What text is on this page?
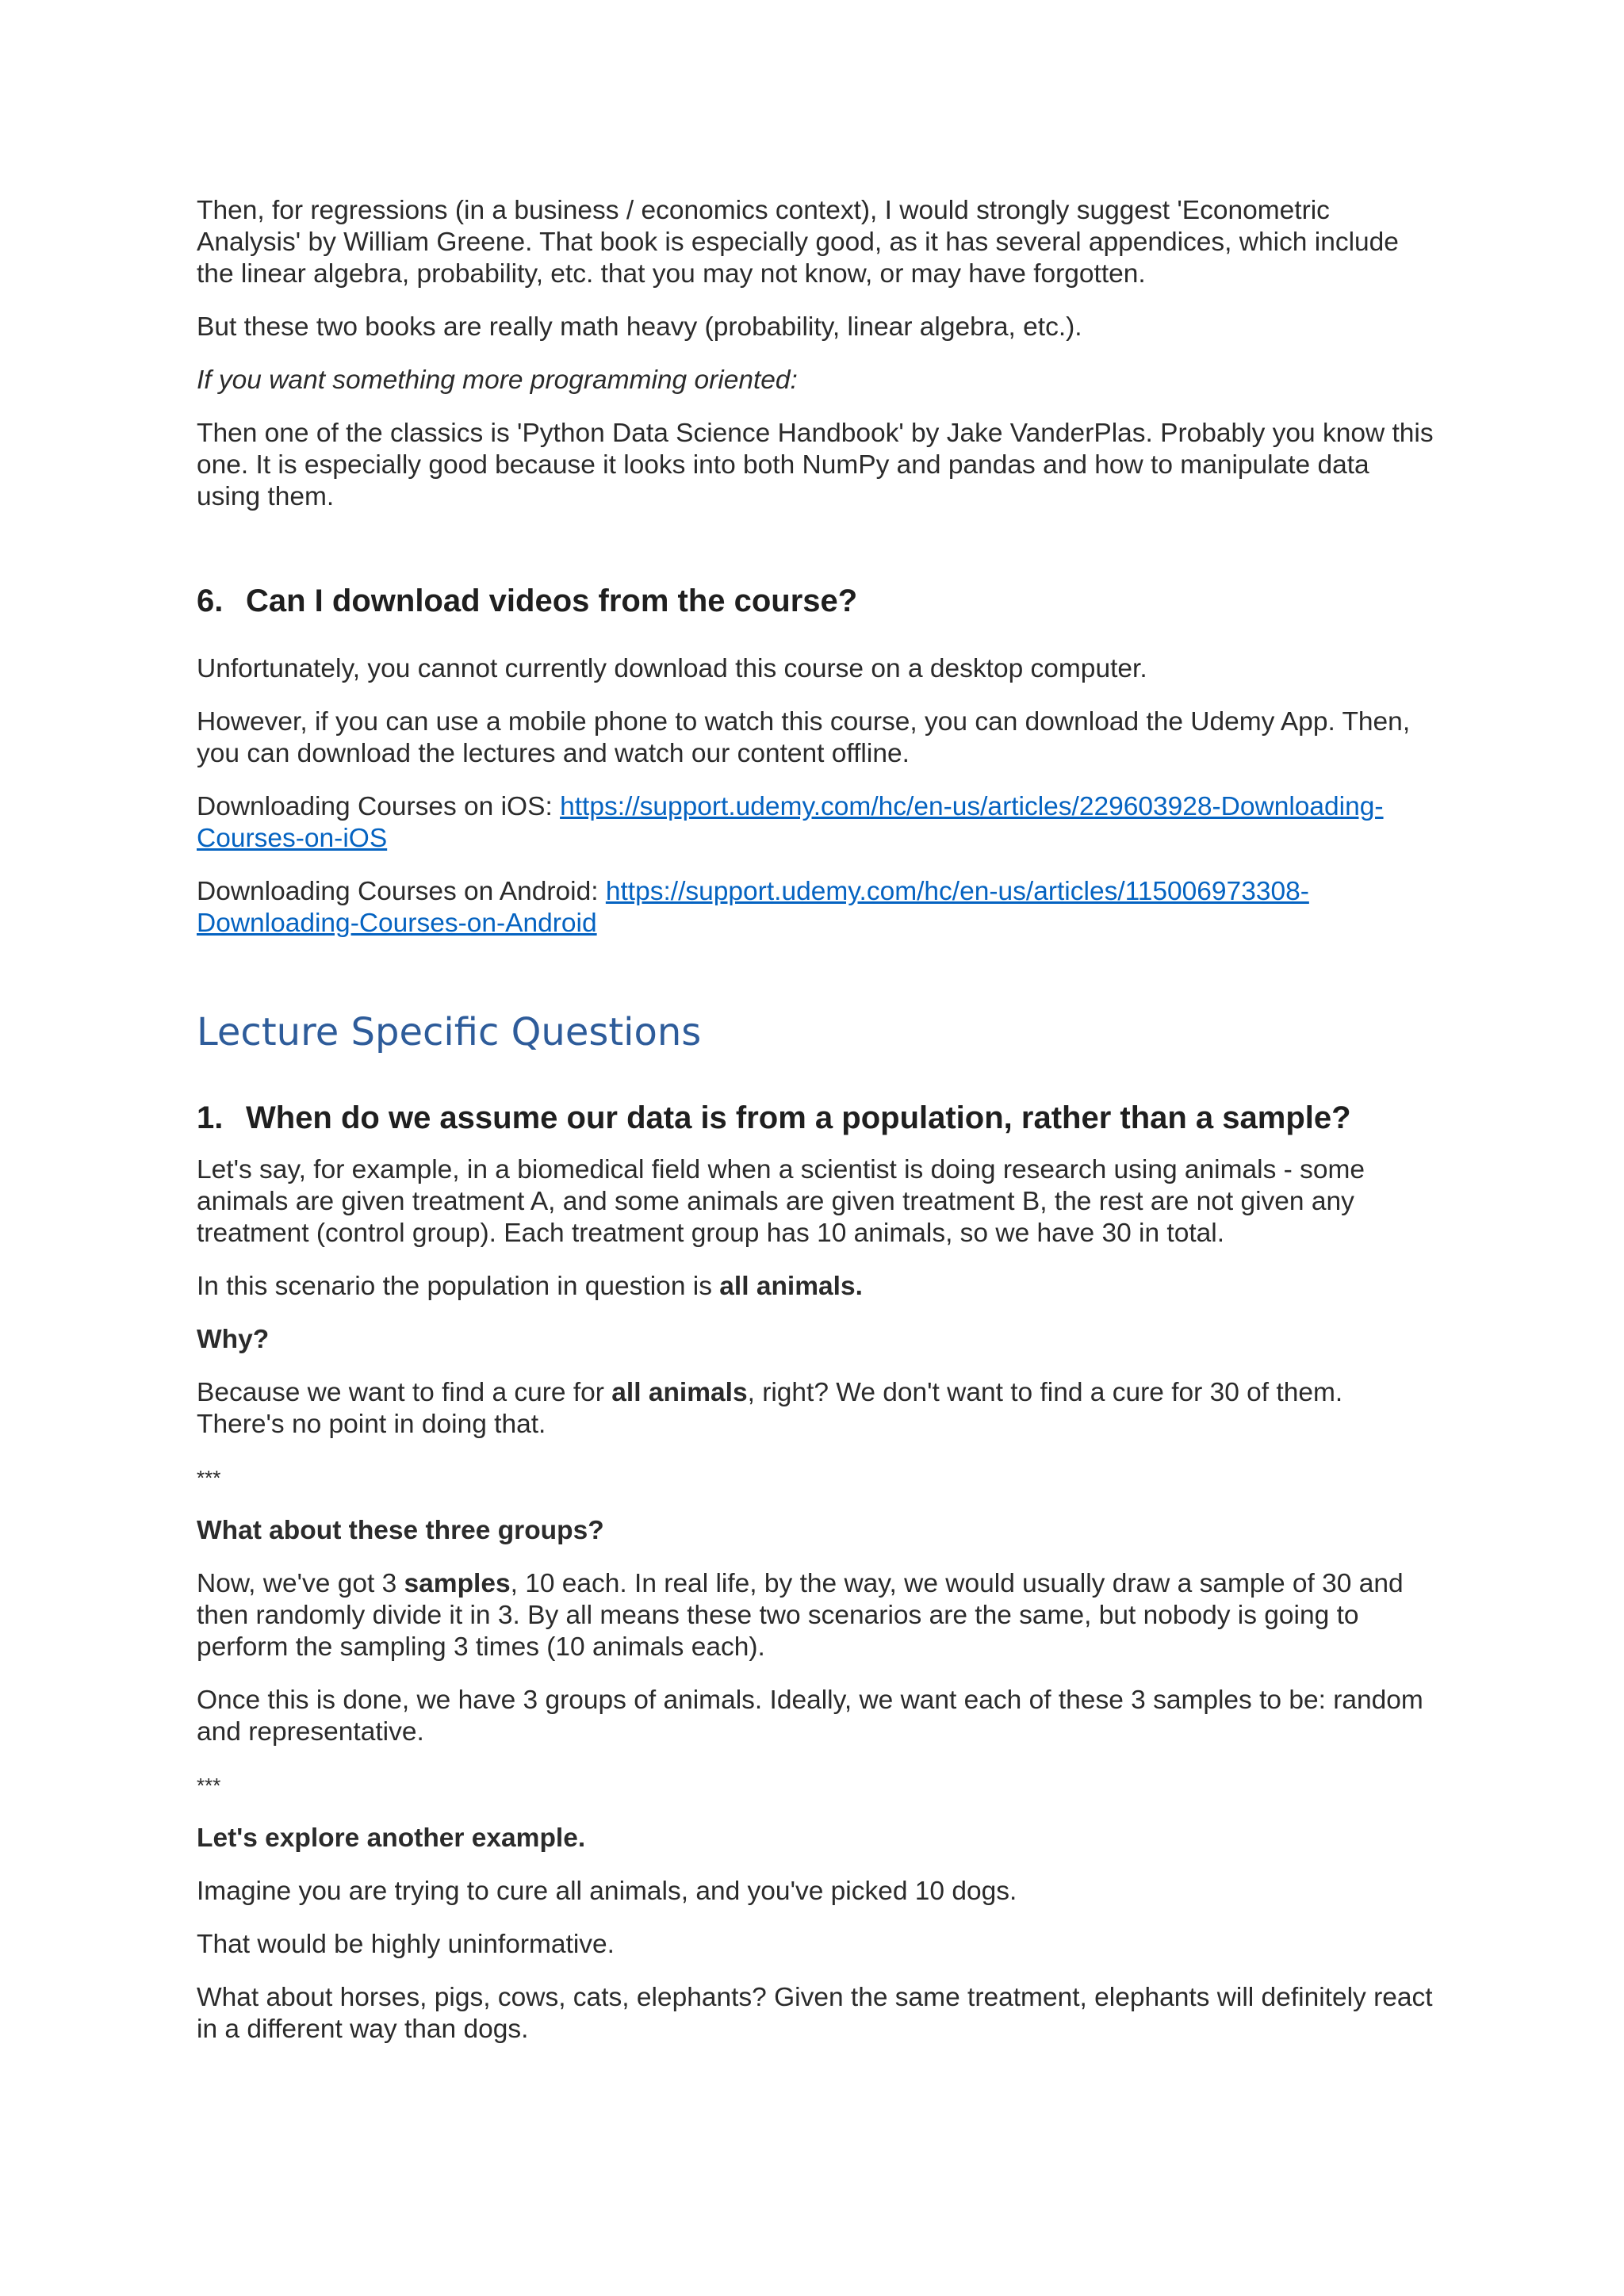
Then, for regressions (in a business / economics context), I would strongly suggest 'Econometric Analysis' by William Greene. That book is especially good, as it has several appendices, which include the linear algebra, probability, etc. that you may not know, or may have forgotten.

But these two books are really math heavy (probability, linear algebra, etc.).

If you want something more programming oriented:

Then one of the classics is 'Python Data Science Handbook' by Jake VanderPlas. Probably you know this one. It is especially good because it looks into both NumPy and pandas and how to manipulate data using them.

6. Can I download videos from the course?

Unfortunately, you cannot currently download this course on a desktop computer.

However, if you can use a mobile phone to watch this course, you can download the Udemy App. Then, you can download the lectures and watch our content offline.

Downloading Courses on iOS: https://support.udemy.com/hc/en-us/articles/229603928-Downloading-
Courses-on-iOS

Downloading Courses on Android: https://support.udemy.com/hc/en-us/articles/115006973308-
Downloading-Courses-on-Android

Lecture Specific Questions
1. When do we assume our data is from a population, rather than a sample?

Let's say, for example, in a biomedical field when a scientist is doing research using animals - some animals are given treatment A, and some animals are given treatment B, the rest are not given any treatment (control group). Each treatment group has 10 animals, so we have 30 in total.

In this scenario the population in question is all animals.

Why?

Because we want to find a cure for all animals, right? We don't want to find a cure for 30 of them. There's no point in doing that.

***

What about these three groups?

Now, we've got 3 samples, 10 each. In real life, by the way, we would usually draw a sample of 30 and then randomly divide it in 3. By all means these two scenarios are the same, but nobody is going to perform the sampling 3 times (10 animals each).

Once this is done, we have 3 groups of animals. Ideally, we want each of these 3 samples to be: random and representative.

***

Let's explore another example.

Imagine you are trying to cure all animals, and you've picked 10 dogs.

That would be highly uninformative.

What about horses, pigs, cows, cats, elephants? Given the same treatment, elephants will definitely react in a different way than dogs.
